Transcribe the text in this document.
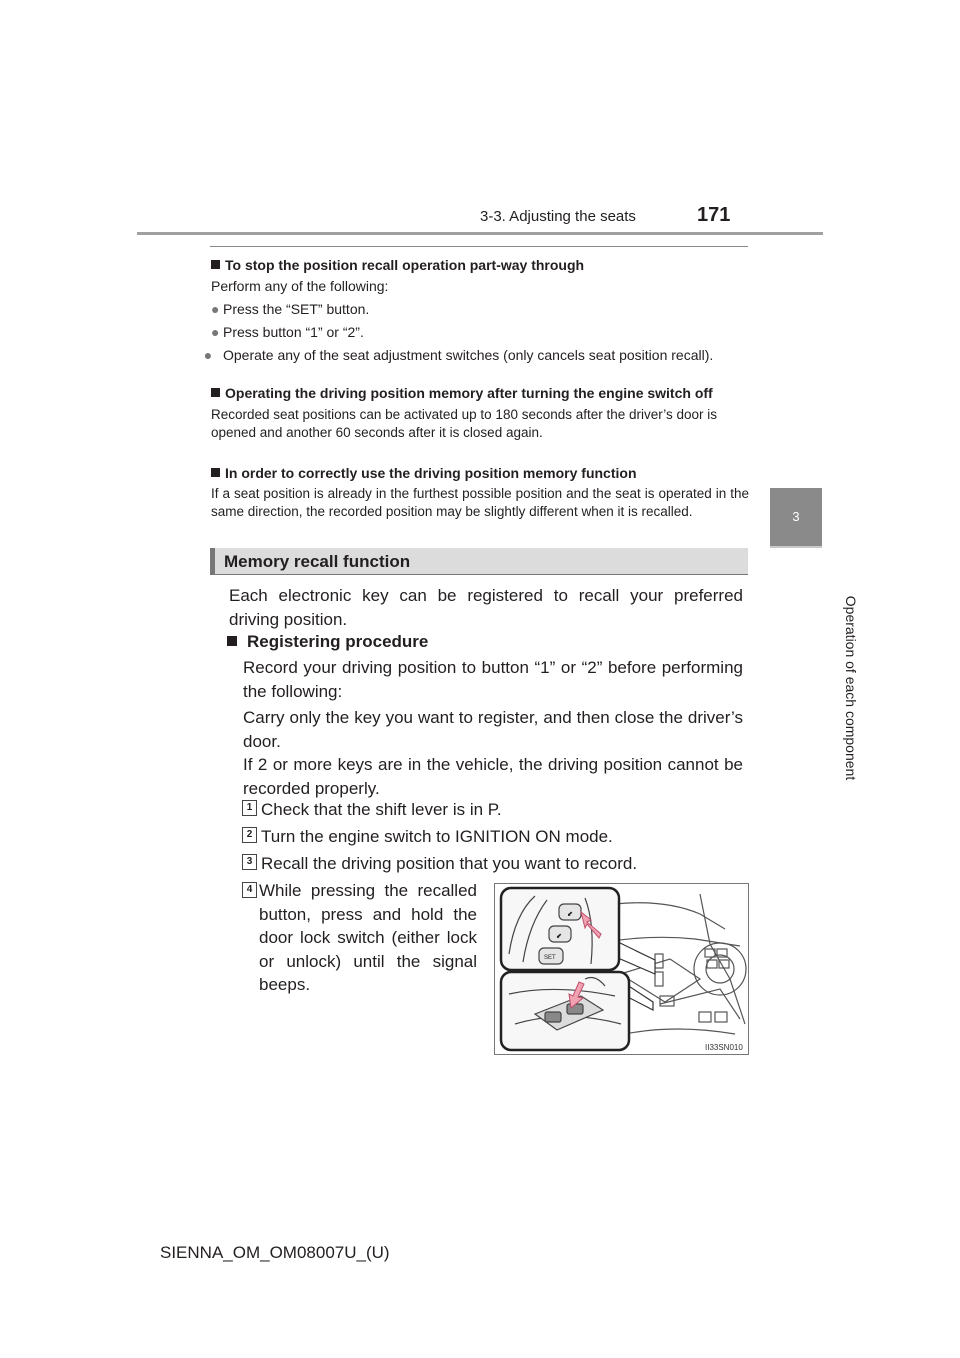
3-3. Adjusting the seats	171
3
Operation of each component
To stop the position recall operation part-way through
Perform any of the following:
● Press the “SET” button.
● Press button “1” or “2”.
● Operate any of the seat adjustment switches (only cancels seat position recall).
Operating the driving position memory after turning the engine switch off
Recorded seat positions can be activated up to 180 seconds after the driver’s door is opened and another 60 seconds after it is closed again.
In order to correctly use the driving position memory function
If a seat position is already in the furthest possible position and the seat is operated in the same direction, the recorded position may be slightly different when it is recalled.
Memory recall function
Each electronic key can be registered to recall your preferred driving position.
Registering procedure
Record your driving position to button “1” or “2” before performing the following:
Carry only the key you want to register, and then close the driver’s door.
If 2 or more keys are in the vehicle, the driving position cannot be recorded properly.
1 Check that the shift lever is in P.
2 Turn the engine switch to IGNITION ON mode.
3 Recall the driving position that you want to record.
4 While pressing the recalled button, press and hold the door lock switch (either lock or unlock) until the signal beeps.
⬋
⬋
SET
II33SN010
SIENNA_OM_OM08007U_(U)
